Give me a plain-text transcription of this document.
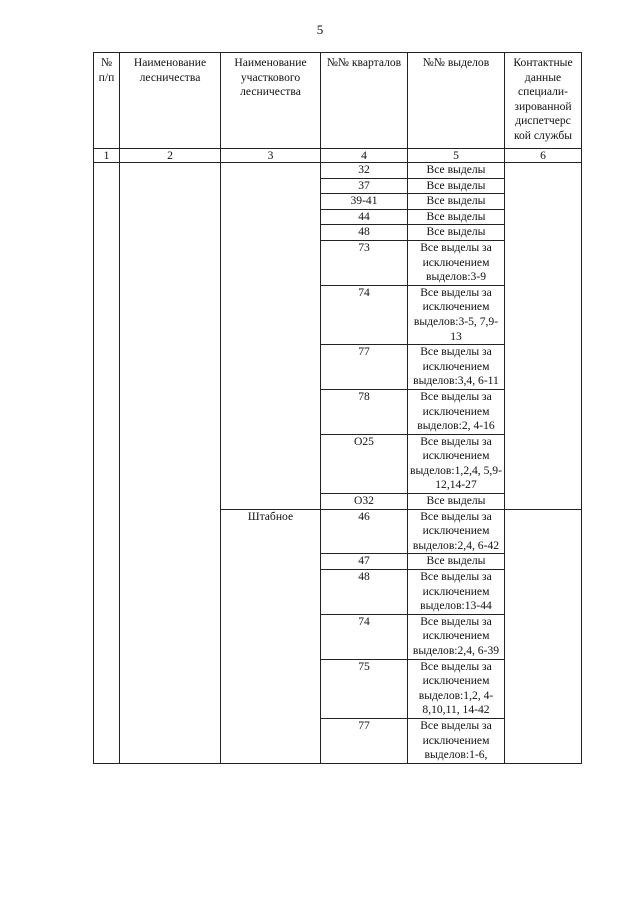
5
№ п/п	Наименование лесничества	Наименование участкового лесничества	№№ кварталов	№№ выделов	Контактные данные специали-зированной диспетчерс кой службы
1	2	3	4	5	6
			32	Все выделы	
			37	Все выделы	
			39-41	Все выделы	
			44	Все выделы	
			48	Все выделы	
			73	Все выделы за исключением выделов:3-9	
			74	Все выделы за исключением выделов:3-5, 7,9-13	
			77	Все выделы за исключением выделов:3,4, 6-11	
			78	Все выделы за исключением выделов:2, 4-16	
			О25	Все выделы за исключением выделов:1,2,4, 5,9-12,14-27	
			О32	Все выделы	
		Штабное	46	Все выделы за исключением выделов:2,4, 6-42	
			47	Все выделы	
			48	Все выделы за исключением выделов:13-44	
			74	Все выделы за исключением выделов:2,4, 6-39	
			75	Все выделы за исключением выделов:1,2, 4-8,10,11, 14-42	
			77	Все выделы за исключением выделов:1-6,	
